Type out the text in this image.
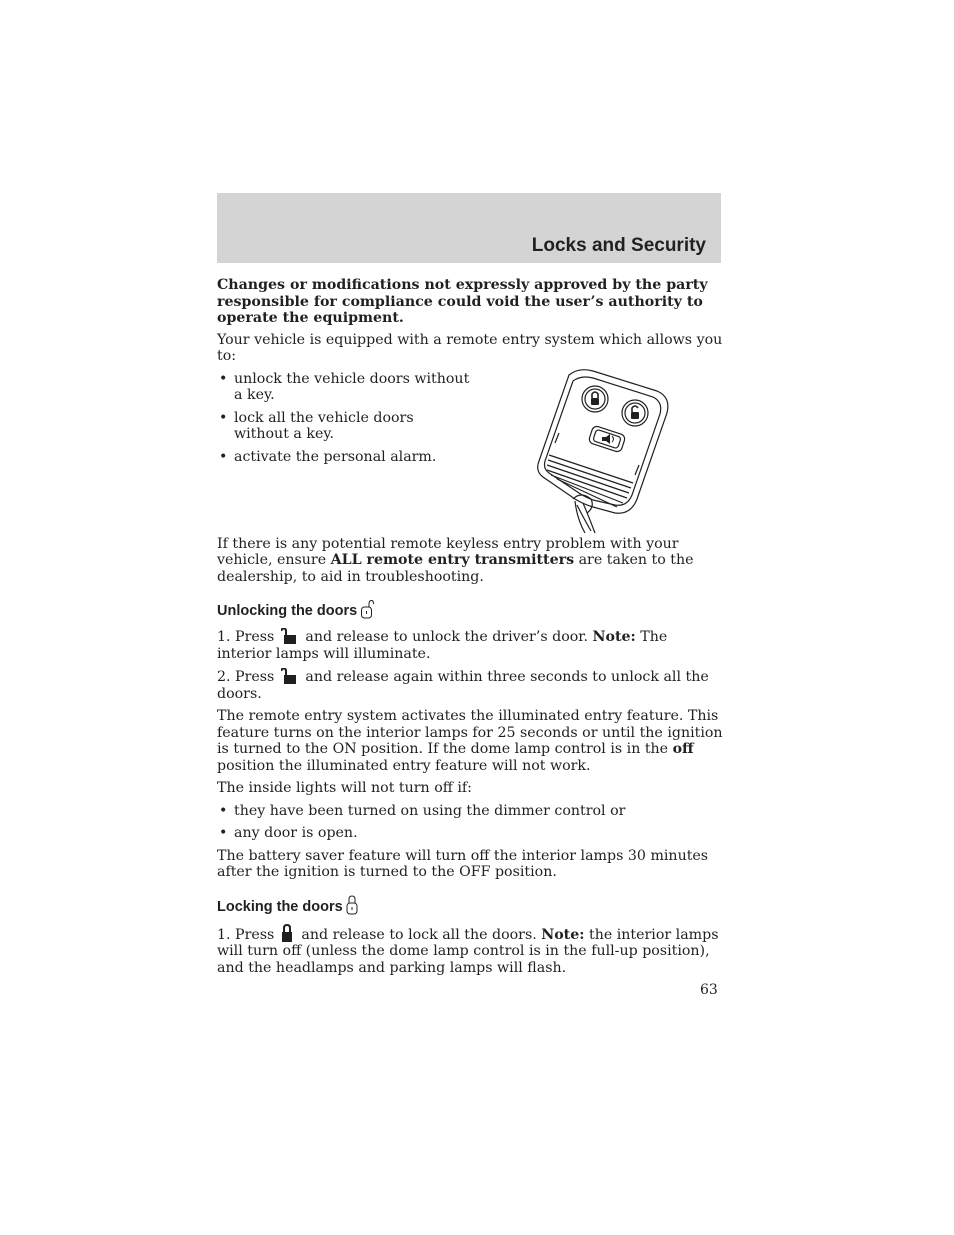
Locks and Security

Changes or modifications not expressly approved by the party responsible for compliance could void the user’s authority to operate the equipment.

Your vehicle is equipped with a remote entry system which allows you to:

• unlock the vehicle doors without a key.
• lock all the vehicle doors without a key.
• activate the personal alarm.

If there is any potential remote keyless entry problem with your vehicle, ensure ALL remote entry transmitters are taken to the dealership, to aid in troubleshooting.

Unlocking the doors

1. Press and release to unlock the driver’s door. Note: The interior lamps will illuminate.

2. Press and release again within three seconds to unlock all the doors.

The remote entry system activates the illuminated entry feature. This feature turns on the interior lamps for 25 seconds or until the ignition is turned to the ON position. If the dome lamp control is in the off position the illuminated entry feature will not work.

The inside lights will not turn off if:

• they have been turned on using the dimmer control or
• any door is open.

The battery saver feature will turn off the interior lamps 30 minutes after the ignition is turned to the OFF position.

Locking the doors

1. Press and release to lock all the doors. Note: the interior lamps will turn off (unless the dome lamp control is in the full-up position), and the headlamps and parking lamps will flash.

63
